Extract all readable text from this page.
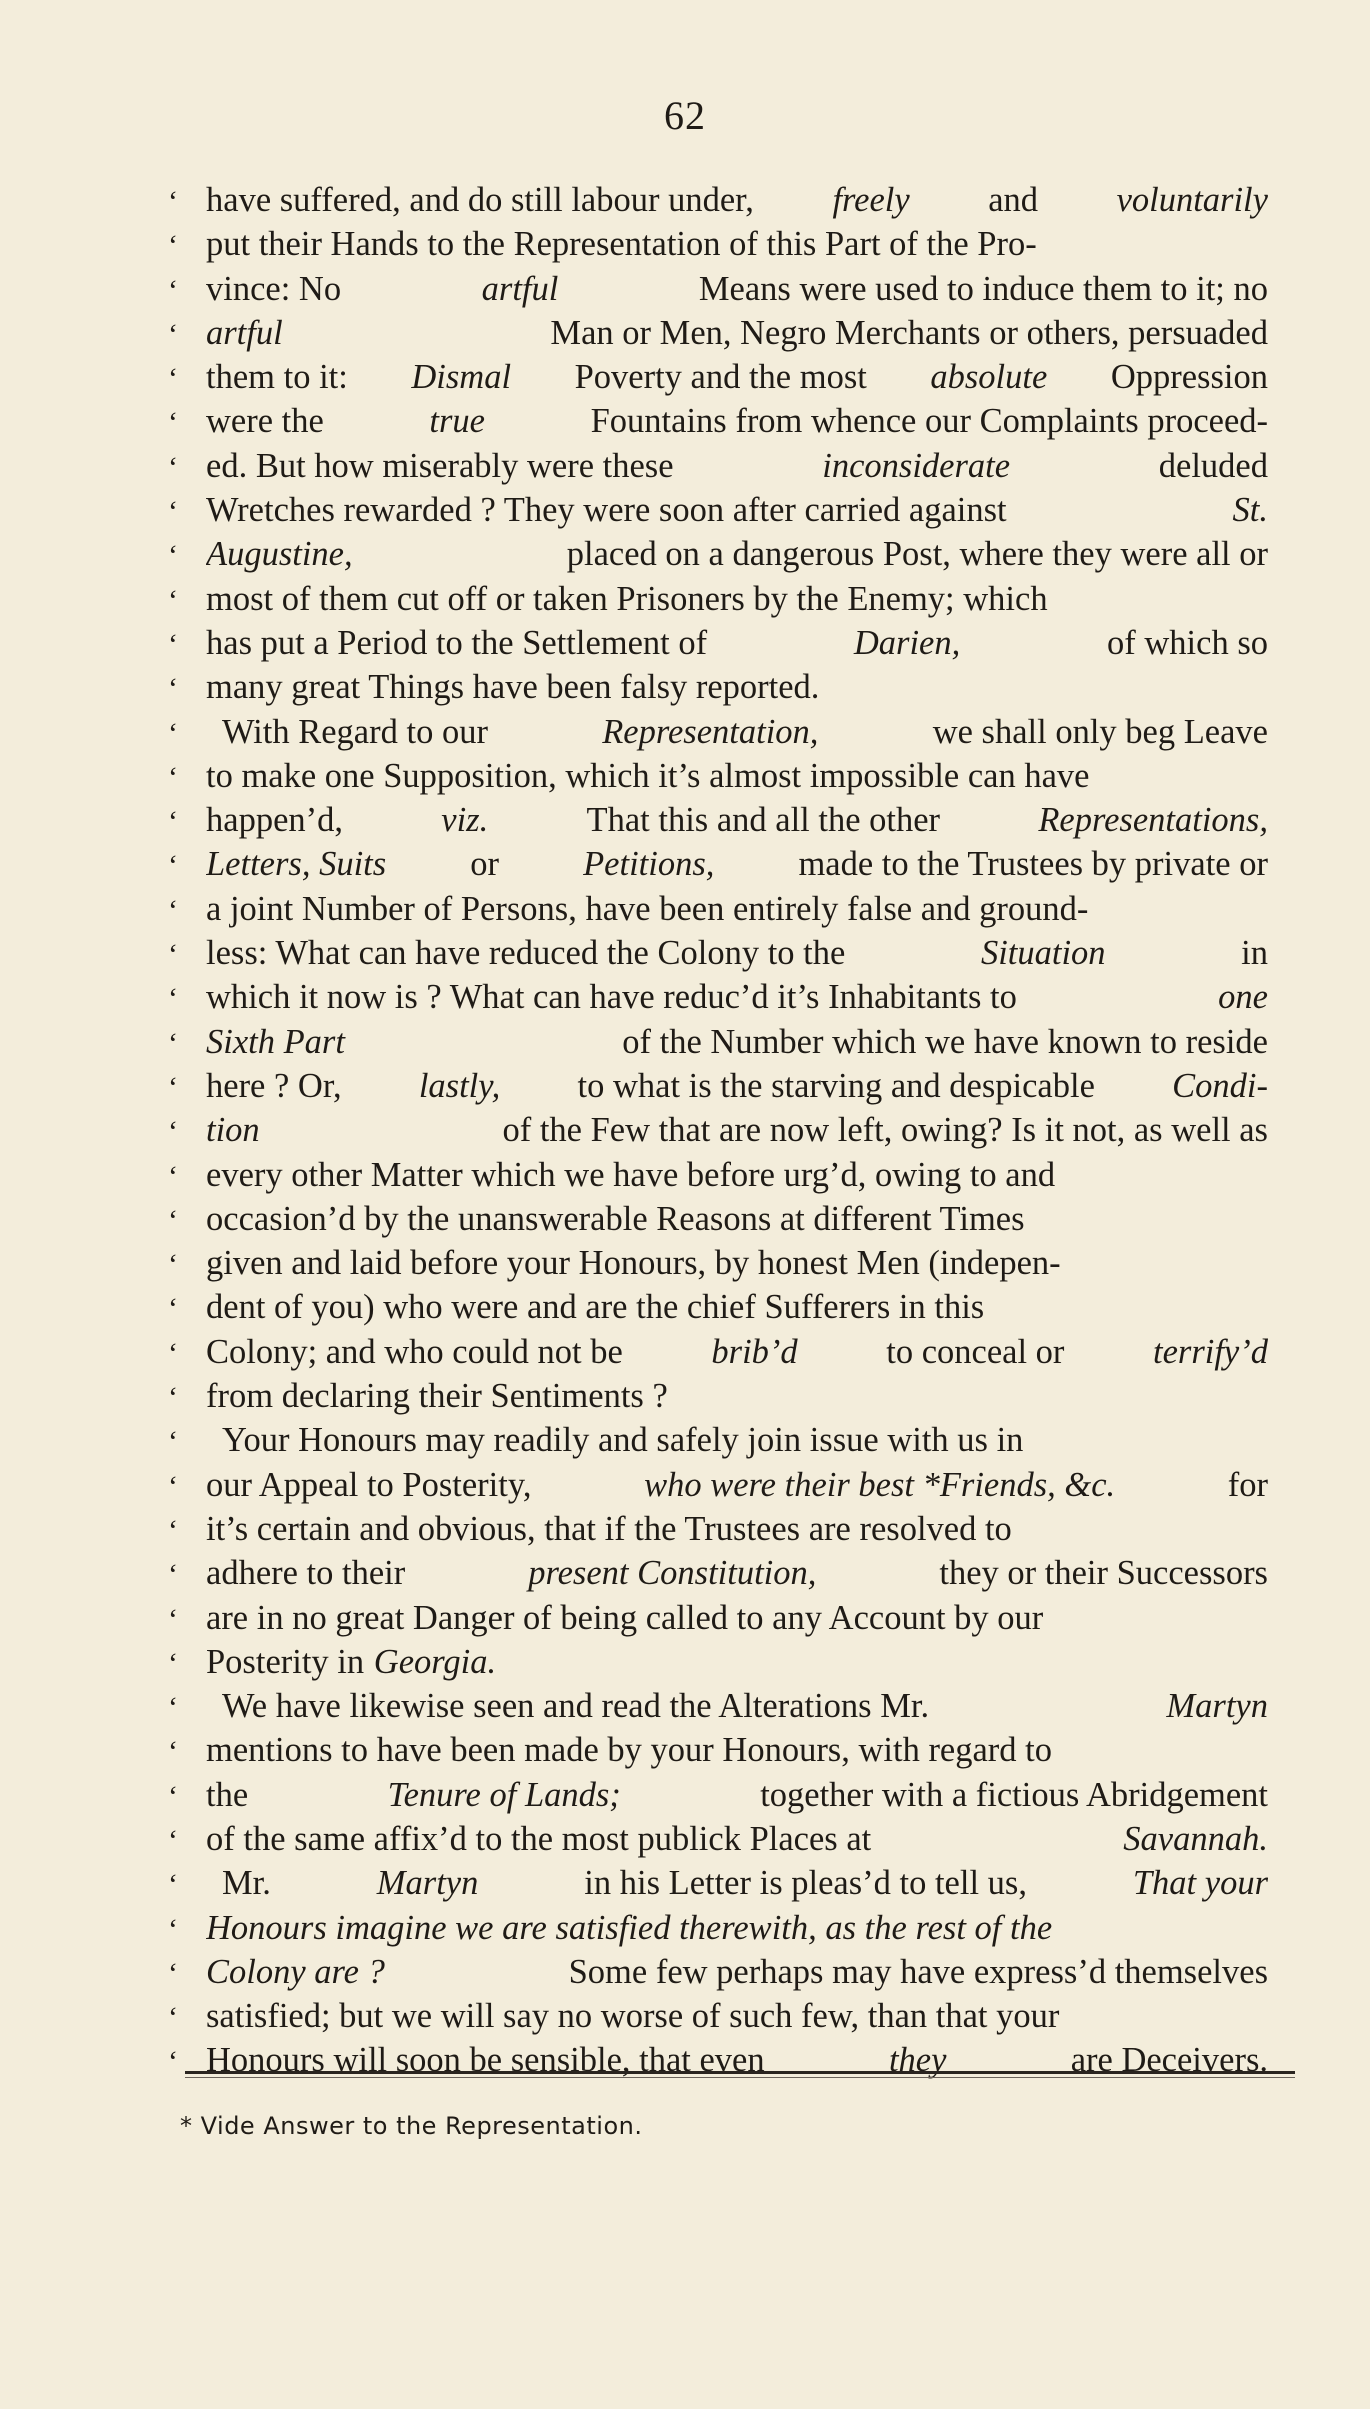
62
‘ have suffered, and do still labour under, freely and voluntarily
‘ put their Hands to the Representation of this Part of the Pro-
‘ vince: No	artful	Means were used to induce them to it; no
‘ artful	Man or Men, Negro Merchants or others, persuaded
‘ them to it: Dismal Poverty and the most absolute Oppression
‘ were the	true	Fountains from whence our Complaints proceed-
‘ ed. But how miserably were these	inconsiderate	deluded
‘ Wretches rewarded ? They were soon after carried against	St.
‘ Augustine,	placed on a dangerous Post, where they were all or
‘ most of them cut off or taken Prisoners by the Enemy; which
‘ has put a Period to the Settlement of	Darien,	of which so
‘ many great Things have been falsy reported.
‘	With Regard to our	Representation,	we shall only beg Leave
‘ to make one Supposition, which it’s almost impossible can have
‘ happen’d,	viz.	That this and all the other	Representations,
‘ Letters, Suits or Petitions, made to the Trustees by private or
‘ a joint Number of Persons, have been entirely false and ground-
‘ less: What can have reduced the Colony to the	Situation	in
‘ which it now is ? What can have reduc’d it’s Inhabitants to	one
‘ Sixth Part	of the Number which we have known to reside
‘ here ? Or, lastly, to what is the starving and despicable Condi-
‘ tion	of the Few that are now left, owing? Is it not, as well as
‘ every other Matter which we have before urg’d, owing to and
‘ occasion’d by the unanswerable Reasons at different Times
‘ given and laid before your Honours, by honest Men (indepen-
‘ dent of you) who were and are the chief Sufferers in this
‘ Colony; and who could not be	brib’d	to conceal or	terrify’d
‘ from declaring their Sentiments ?
‘	Your Honours may readily and safely join issue with us in
‘ our Appeal to Posterity,	who were their best *Friends, &c.	for
‘ it’s certain and obvious, that if the Trustees are resolved to
‘ adhere to their	present Constitution,	they or their Successors
‘ are in no great Danger of being called to any Account by our
‘ Posterity in Georgia.
‘	We have likewise seen and read the Alterations Mr.	Martyn
‘ mentions to have been made by your Honours, with regard to
‘ the	Tenure of Lands;	together with a fictious Abridgement
‘ of the same affix’d to the most publick Places at	Savannah.
‘	Mr.	Martyn	in his Letter is pleas’d to tell us,	That your
‘ Honours imagine we are satisfied therewith, as the rest of the
‘ Colony are ?	Some few perhaps may have express’d themselves
‘ satisfied; but we will say no worse of such few, than that your
‘ Honours will soon be sensible, that even	they	are Deceivers.
* Vide Answer to the Representation.
